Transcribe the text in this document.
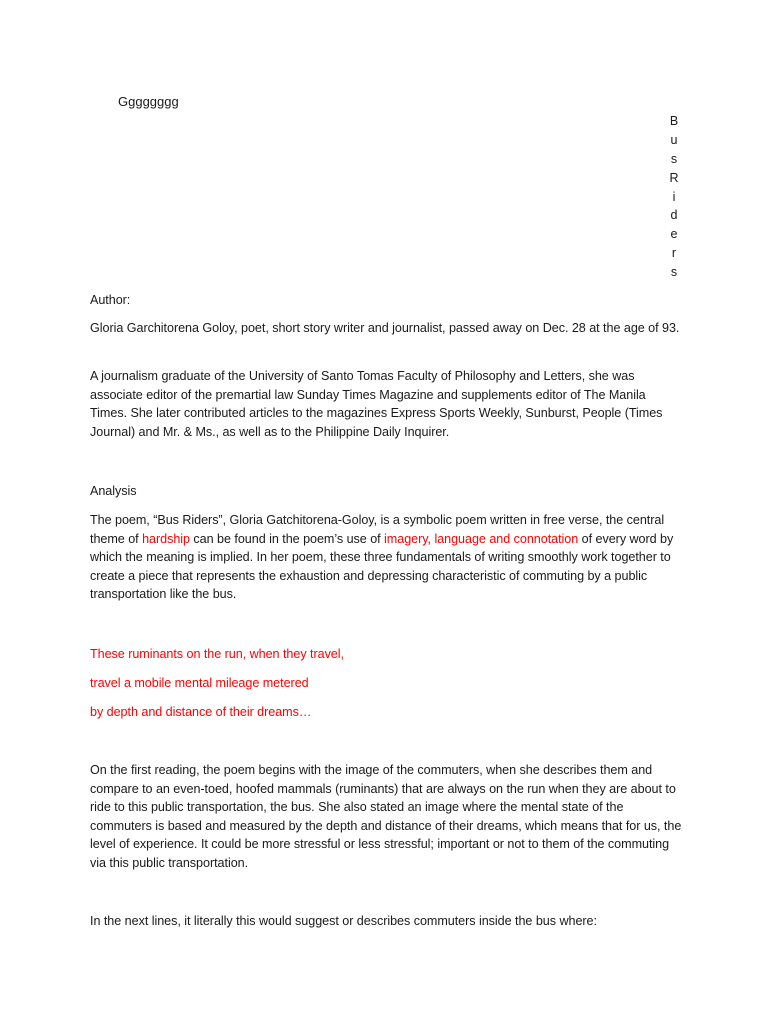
Gggggggg
B
u
s
R
i
d
e
r
s

Author:

Gloria Garchitorena Goloy, poet, short story writer and journalist, passed away on Dec. 28 at the age of 93.

A journalism graduate of the University of Santo Tomas Faculty of Philosophy and Letters, she was associate editor of the premartial law Sunday Times Magazine and supplements editor of The Manila Times. She later contributed articles to the magazines Express Sports Weekly, Sunburst, People (Times Journal) and Mr. & Ms., as well as to the Philippine Daily Inquirer.

Analysis

The poem, “Bus Riders”, Gloria Gatchitorena-Goloy, is a symbolic poem written in free verse, the central theme of hardship can be found in the poem’s use of imagery, language and connotation of every word by which the meaning is implied. In her poem, these three fundamentals of writing smoothly work together to create a piece that represents the exhaustion and depressing characteristic of commuting by a public transportation like the bus.

These ruminants on the run, when they travel,

travel a mobile mental mileage metered

by depth and distance of their dreams…

On the first reading, the poem begins with the image of the commuters, when she describes them and compare to an even-toed, hoofed mammals (ruminants) that are always on the run when they are about to ride to this public transportation, the bus. She also stated an image where the mental state of the commuters is based and measured by the depth and distance of their dreams, which means that for us, the level of experience. It could be more stressful or less stressful; important or not to them of the commuting via this public transportation.

In the next lines, it literally this would suggest or describes commuters inside the bus where:
